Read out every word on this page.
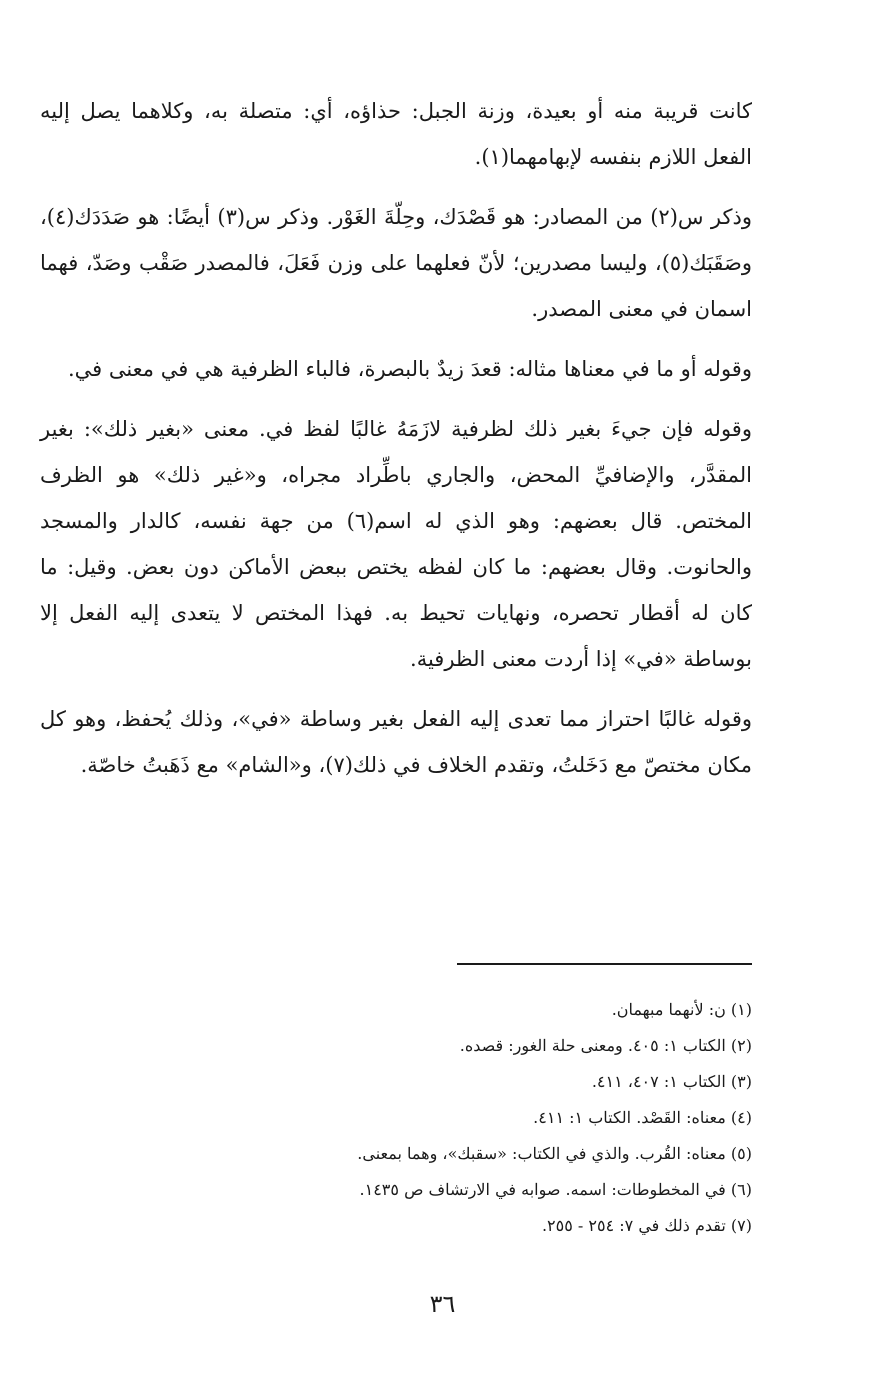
كانت قريبة منه أو بعيدة، وزنة الجبل: حذاؤه، أي: متصلة به، وكلاهما يصل إليه الفعل اللازم بنفسه لإبهامهما(١).

وذكر س(٢) من المصادر: هو قَصْدَك، وحِلّةَ الغَوْر. وذكر س(٣) أيضًا: هو صَدَدَك(٤)، وصَقَبَك(٥)، وليسا مصدرين؛ لأنّ فعلهما على وزن فَعَلَ، فالمصدر صَقْب وصَدّ، فهما اسمان في معنى المصدر.

وقوله أو ما في معناها مثاله: قعدَ زيدٌ بالبصرة، فالباء الظرفية هي في معنى في.

وقوله فإن جيءَ بغير ذلك لظرفية لازَمَهُ غالبًا لفظ في. معنى «بغير ذلك»: بغير المقدَّر، والإضافيِّ المحض، والجاري باطِّراد مجراه، و«غير ذلك» هو الظرف المختص. قال بعضهم: وهو الذي له اسم(٦) من جهة نفسه، كالدار والمسجد والحانوت. وقال بعضهم: ما كان لفظه يختص ببعض الأماكن دون بعض. وقيل: ما كان له أقطار تحصره، ونهايات تحيط به. فهذا المختص لا يتعدى إليه الفعل إلا بوساطة «في» إذا أردت معنى الظرفية.

وقوله غالبًا احتراز مما تعدى إليه الفعل بغير وساطة «في»، وذلك يُحفظ، وهو كل مكان مختصّ مع دَخَلتُ، وتقدم الخلاف في ذلك(٧)، و«الشام» مع ذَهَبتُ خاصّة.

(١) ن: لأنهما مبهمان.
(٢) الكتاب ١: ٤٠٥. ومعنى حلة الغور: قصده.
(٣) الكتاب ١: ٤٠٧، ٤١١.
(٤) معناه: القَصْد. الكتاب ١: ٤١١.
(٥) معناه: القُرب. والذي في الكتاب: «سقبك»، وهما بمعنى.
(٦) في المخطوطات: اسمه. صوابه في الارتشاف ص ١٤٣٥.
(٧) تقدم ذلك في ٧: ٢٥٤ - ٢٥٥.
٣٦
